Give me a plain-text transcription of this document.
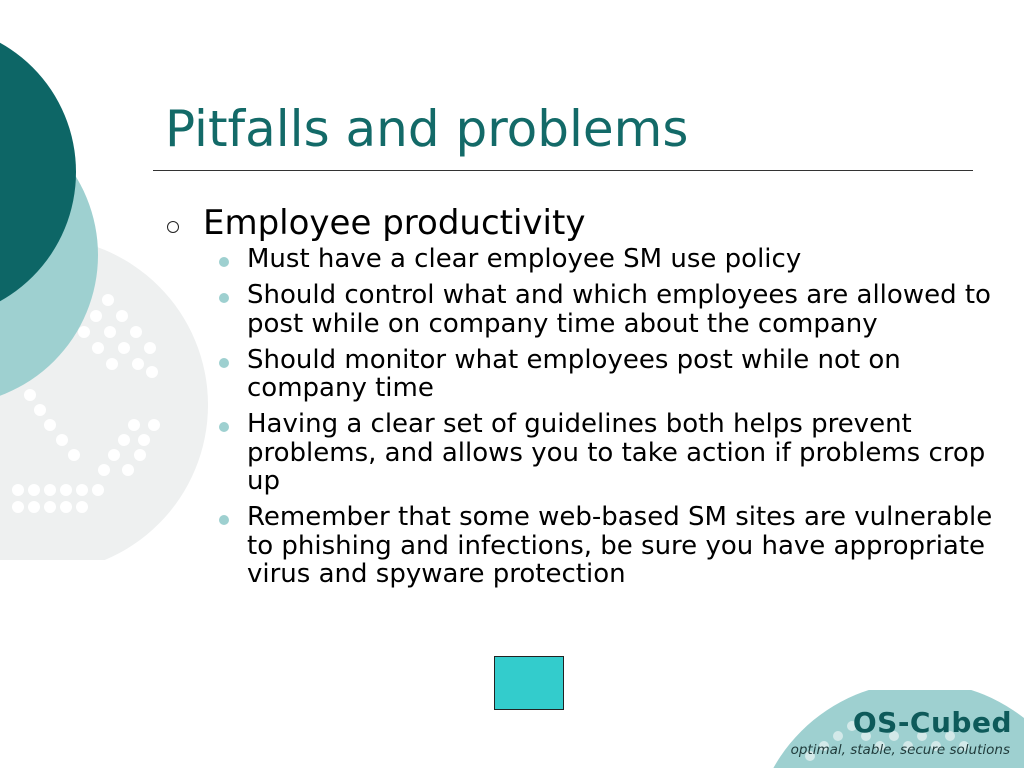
Pitfalls and problems
Employee productivity
Must have a clear employee SM use policy
Should control what and which employees are allowed to post while on company time about the company
Should monitor what employees post while not on company time
Having a clear set of guidelines both helps prevent problems, and allows you to take action if problems crop up
Remember that some web-based SM sites are vulnerable to phishing and infections, be sure you have appropriate virus and spyware protection
OS-Cubed
optimal, stable, secure solutions
